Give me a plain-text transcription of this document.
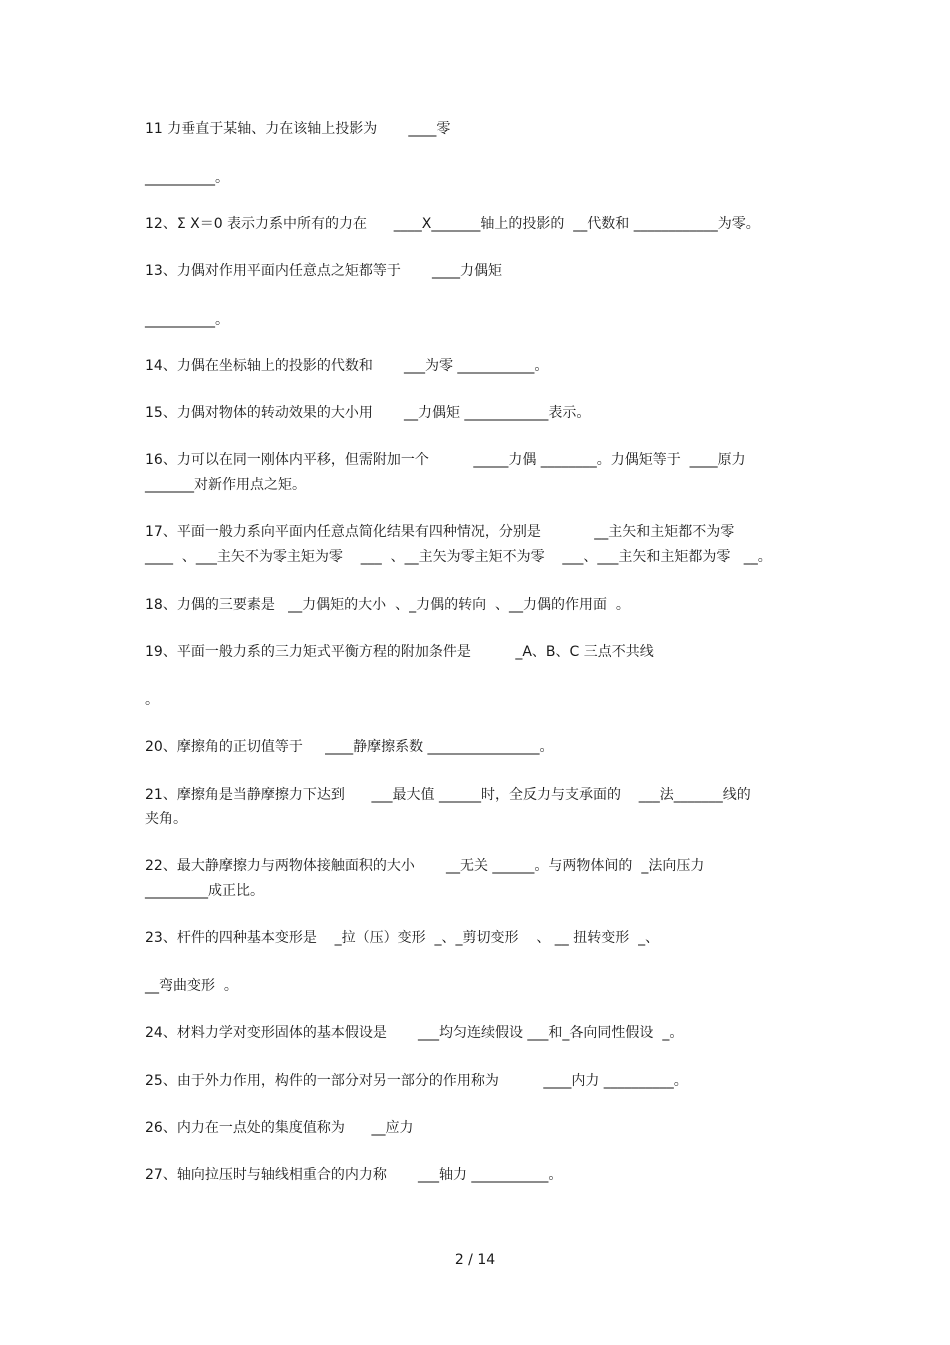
11 力垂直于某轴、力在该轴上投影为       ____零
__________。
12、Σ X＝0 表示力系中所有的力在      ____X_______轴上的投影的  __代数和 ____________为零。
13、力偶对作用平面内任意点之矩都等于       ____力偶矩
__________。
14、力偶在坐标轴上的投影的代数和       ___为零 ___________。
15、力偶对物体的转动效果的大小用       __力偶矩 ____________表示。
16、力可以在同一刚体内平移，但需附加一个          _____力偶 ________。力偶矩等于  ____原力
_______对新作用点之矩。
17、平面一般力系向平面内任意点简化结果有四种情况，分别是            __主矢和主矩都不为零
____  、___主矢不为零主矩为零    ___  、__主矢为零主矩不为零    ___、___主矢和主矩都为零   __。
18、力偶的三要素是   __力偶矩的大小  、_力偶的转向  、__力偶的作用面  。
19、平面一般力系的三力矩式平衡方程的附加条件是          _A、B、C 三点不共线
。
20、摩擦角的正切值等于     ____静摩擦系数 ________________。
21、摩擦角是当静摩擦力下达到      ___最大值 ______时，全反力与支承面的    ___法_______线的
夹角。
22、最大静摩擦力与两物体接触面积的大小       __无关 ______。与两物体间的  _法向压力
_________成正比。
23、杆件的四种基本变形是    _拉（压）变形  _、_剪切变形    、 __ 扭转变形  _、
__弯曲变形  。
24、材料力学对变形固体的基本假设是       ___均匀连续假设 ___和_各向同性假设  _。
25、由于外力作用，构件的一部分对另一部分的作用称为          ____内力 __________。
26、内力在一点处的集度值称为      __应力
27、轴向拉压时与轴线相重合的内力称       ___轴力 ___________。
2 / 14
